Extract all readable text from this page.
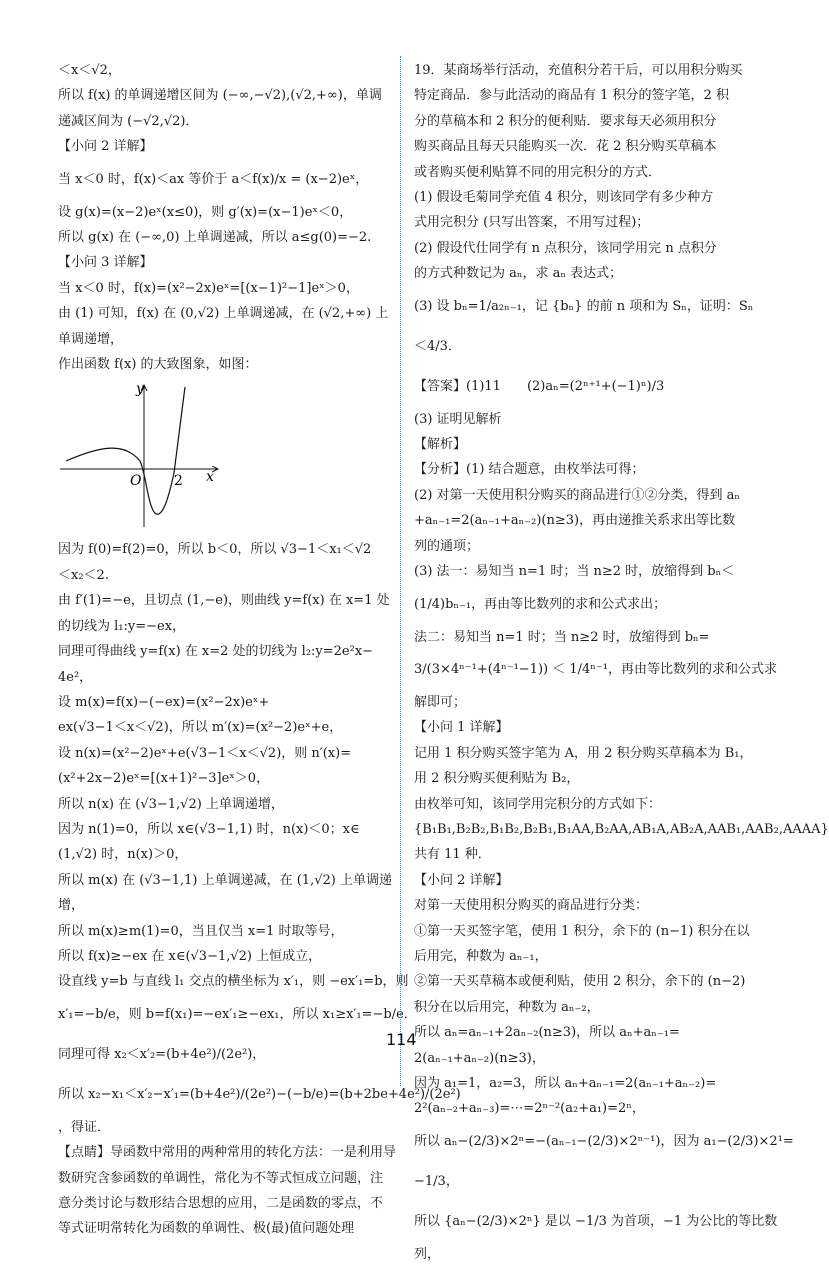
＜x＜√2，
所以 f(x) 的单调递增区间为 (−∞,−√2),(√2,+∞)，单调
递减区间为 (−√2,√2)．
【小问 2 详解】
当 x＜0 时，f(x)＜ax 等价于 a＜f(x)/x = (x−2)eˣ，
设 g(x)=(x−2)eˣ(x≤0)，则 g′(x)=(x−1)eˣ＜0，
所以 g(x) 在 (−∞,0) 上单调递减，所以 a≤g(0)=−2.
【小问 3 详解】
当 x＜0 时，f(x)=(x²−2x)eˣ=[(x−1)²−1]eˣ＞0，
由 (1) 可知，f(x) 在 (0,√2) 上单调递减，在 (√2,+∞) 上
单调递增，
作出函数 f(x) 的大致图象，如图：
y
x
O 2
因为 f(0)=f(2)=0，所以 b＜0，所以 √3−1＜x₁＜√2
＜x₂＜2.
由 f′(1)=−e，且切点 (1,−e)，则曲线 y=f(x) 在 x=1 处
的切线为 l₁:y=−ex，
同理可得曲线 y=f(x) 在 x=2 处的切线为 l₂:y=2e²x−
4e²，
设 m(x)=f(x)−(−ex)=(x²−2x)eˣ+
ex(√3−1＜x＜√2)，所以 m′(x)=(x²−2)eˣ+e，
设 n(x)=(x²−2)eˣ+e(√3−1＜x＜√2)，则 n′(x)=
(x²+2x−2)eˣ=[(x+1)²−3]eˣ＞0，
所以 n(x) 在 (√3−1,√2) 上单调递增，
因为 n(1)=0，所以 x∈(√3−1,1) 时，n(x)＜0；x∈
(1,√2) 时，n(x)＞0，
所以 m(x) 在 (√3−1,1) 上单调递减，在 (1,√2) 上单调递
增，
所以 m(x)≥m(1)=0，当且仅当 x=1 时取等号，
所以 f(x)≥−ex 在 x∈(√3−1,√2) 上恒成立，
设直线 y=b 与直线 l₁ 交点的横坐标为 x′₁，则 −ex′₁=b，则
x′₁=−b/e，则 b=f(x₁)=−ex′₁≥−ex₁，所以 x₁≥x′₁=−b/e．
同理可得 x₂＜x′₂=(b+4e²)/(2e²)，
所以 x₂−x₁＜x′₂−x′₁=(b+4e²)/(2e²)−(−b/e)=(b+2be+4e²)/(2e²)
，得证．
【点睛】导函数中常用的两种常用的转化方法：一是利用导
数研究含参函数的单调性，常化为不等式恒成立问题，注
意分类讨论与数形结合思想的应用，二是函数的零点，不
等式证明常转化为函数的单调性、极(最)值问题处理
19．某商场举行活动，充值积分若干后，可以用积分购买
特定商品．参与此活动的商品有 1 积分的签字笔，2 积
分的草稿本和 2 积分的便利贴．要求每天必须用积分
购买商品且每天只能购买一次．花 2 积分购买草稿本
或者购买便利贴算不同的用完积分的方式．
(1) 假设毛菊同学充值 4 积分，则该同学有多少种方
式用完积分 (只写出答案，不用写过程)；
(2) 假设代仕同学有 n 点积分，该同学用完 n 点积分
的方式种数记为 aₙ，求 aₙ 表达式；
(3) 设 bₙ=1/a₂ₙ₋₁，记 {bₙ} 的前 n 项和为 Sₙ，证明：Sₙ
＜4/3．
【答案】(1)11　　(2)aₙ=(2ⁿ⁺¹+(−1)ⁿ)/3
(3) 证明见解析
【解析】
【分析】(1) 结合题意，由枚举法可得；
(2) 对第一天使用积分购买的商品进行①②分类，得到 aₙ
+aₙ₋₁=2(aₙ₋₁+aₙ₋₂)(n≥3)，再由递推关系求出等比数
列的通项；
(3) 法一：易知当 n=1 时；当 n≥2 时，放缩得到 bₙ＜
(1/4)bₙ₋₁，再由等比数列的求和公式求出；
法二：易知当 n=1 时；当 n≥2 时，放缩得到 bₙ=
3/(3×4ⁿ⁻¹+(4ⁿ⁻¹−1)) ＜ 1/4ⁿ⁻¹，再由等比数列的求和公式求
解即可；
【小问 1 详解】
记用 1 积分购买签字笔为 A，用 2 积分购买草稿本为 B₁，
用 2 积分购买便利贴为 B₂，
由枚举可知，该同学用完积分的方式如下：
{B₁B₁,B₂B₂,B₁B₂,B₂B₁,B₁AA,B₂AA,AB₁A,AB₂A,AAB₁,AAB₂,AAAA}
共有 11 种．
【小问 2 详解】
对第一天使用积分购买的商品进行分类：
①第一天买签字笔，使用 1 积分，余下的 (n−1) 积分在以
后用完，种数为 aₙ₋₁，
②第一天买草稿本或便利贴，使用 2 积分，余下的 (n−2)
积分在以后用完，种数为 aₙ₋₂，
所以 aₙ=aₙ₋₁+2aₙ₋₂(n≥3)，所以 aₙ+aₙ₋₁=
2(aₙ₋₁+aₙ₋₂)(n≥3)，
因为 a₁=1，a₂=3，所以 aₙ+aₙ₋₁=2(aₙ₋₁+aₙ₋₂)=
2²(aₙ₋₂+aₙ₋₃)=⋯=2ⁿ⁻²(a₂+a₁)=2ⁿ，
所以 aₙ−(2/3)×2ⁿ=−(aₙ₋₁−(2/3)×2ⁿ⁻¹)，因为 a₁−(2/3)×2¹=
−1/3，
所以 {aₙ−(2/3)×2ⁿ} 是以 −1/3 为首项，−1 为公比的等比数
列，
114
